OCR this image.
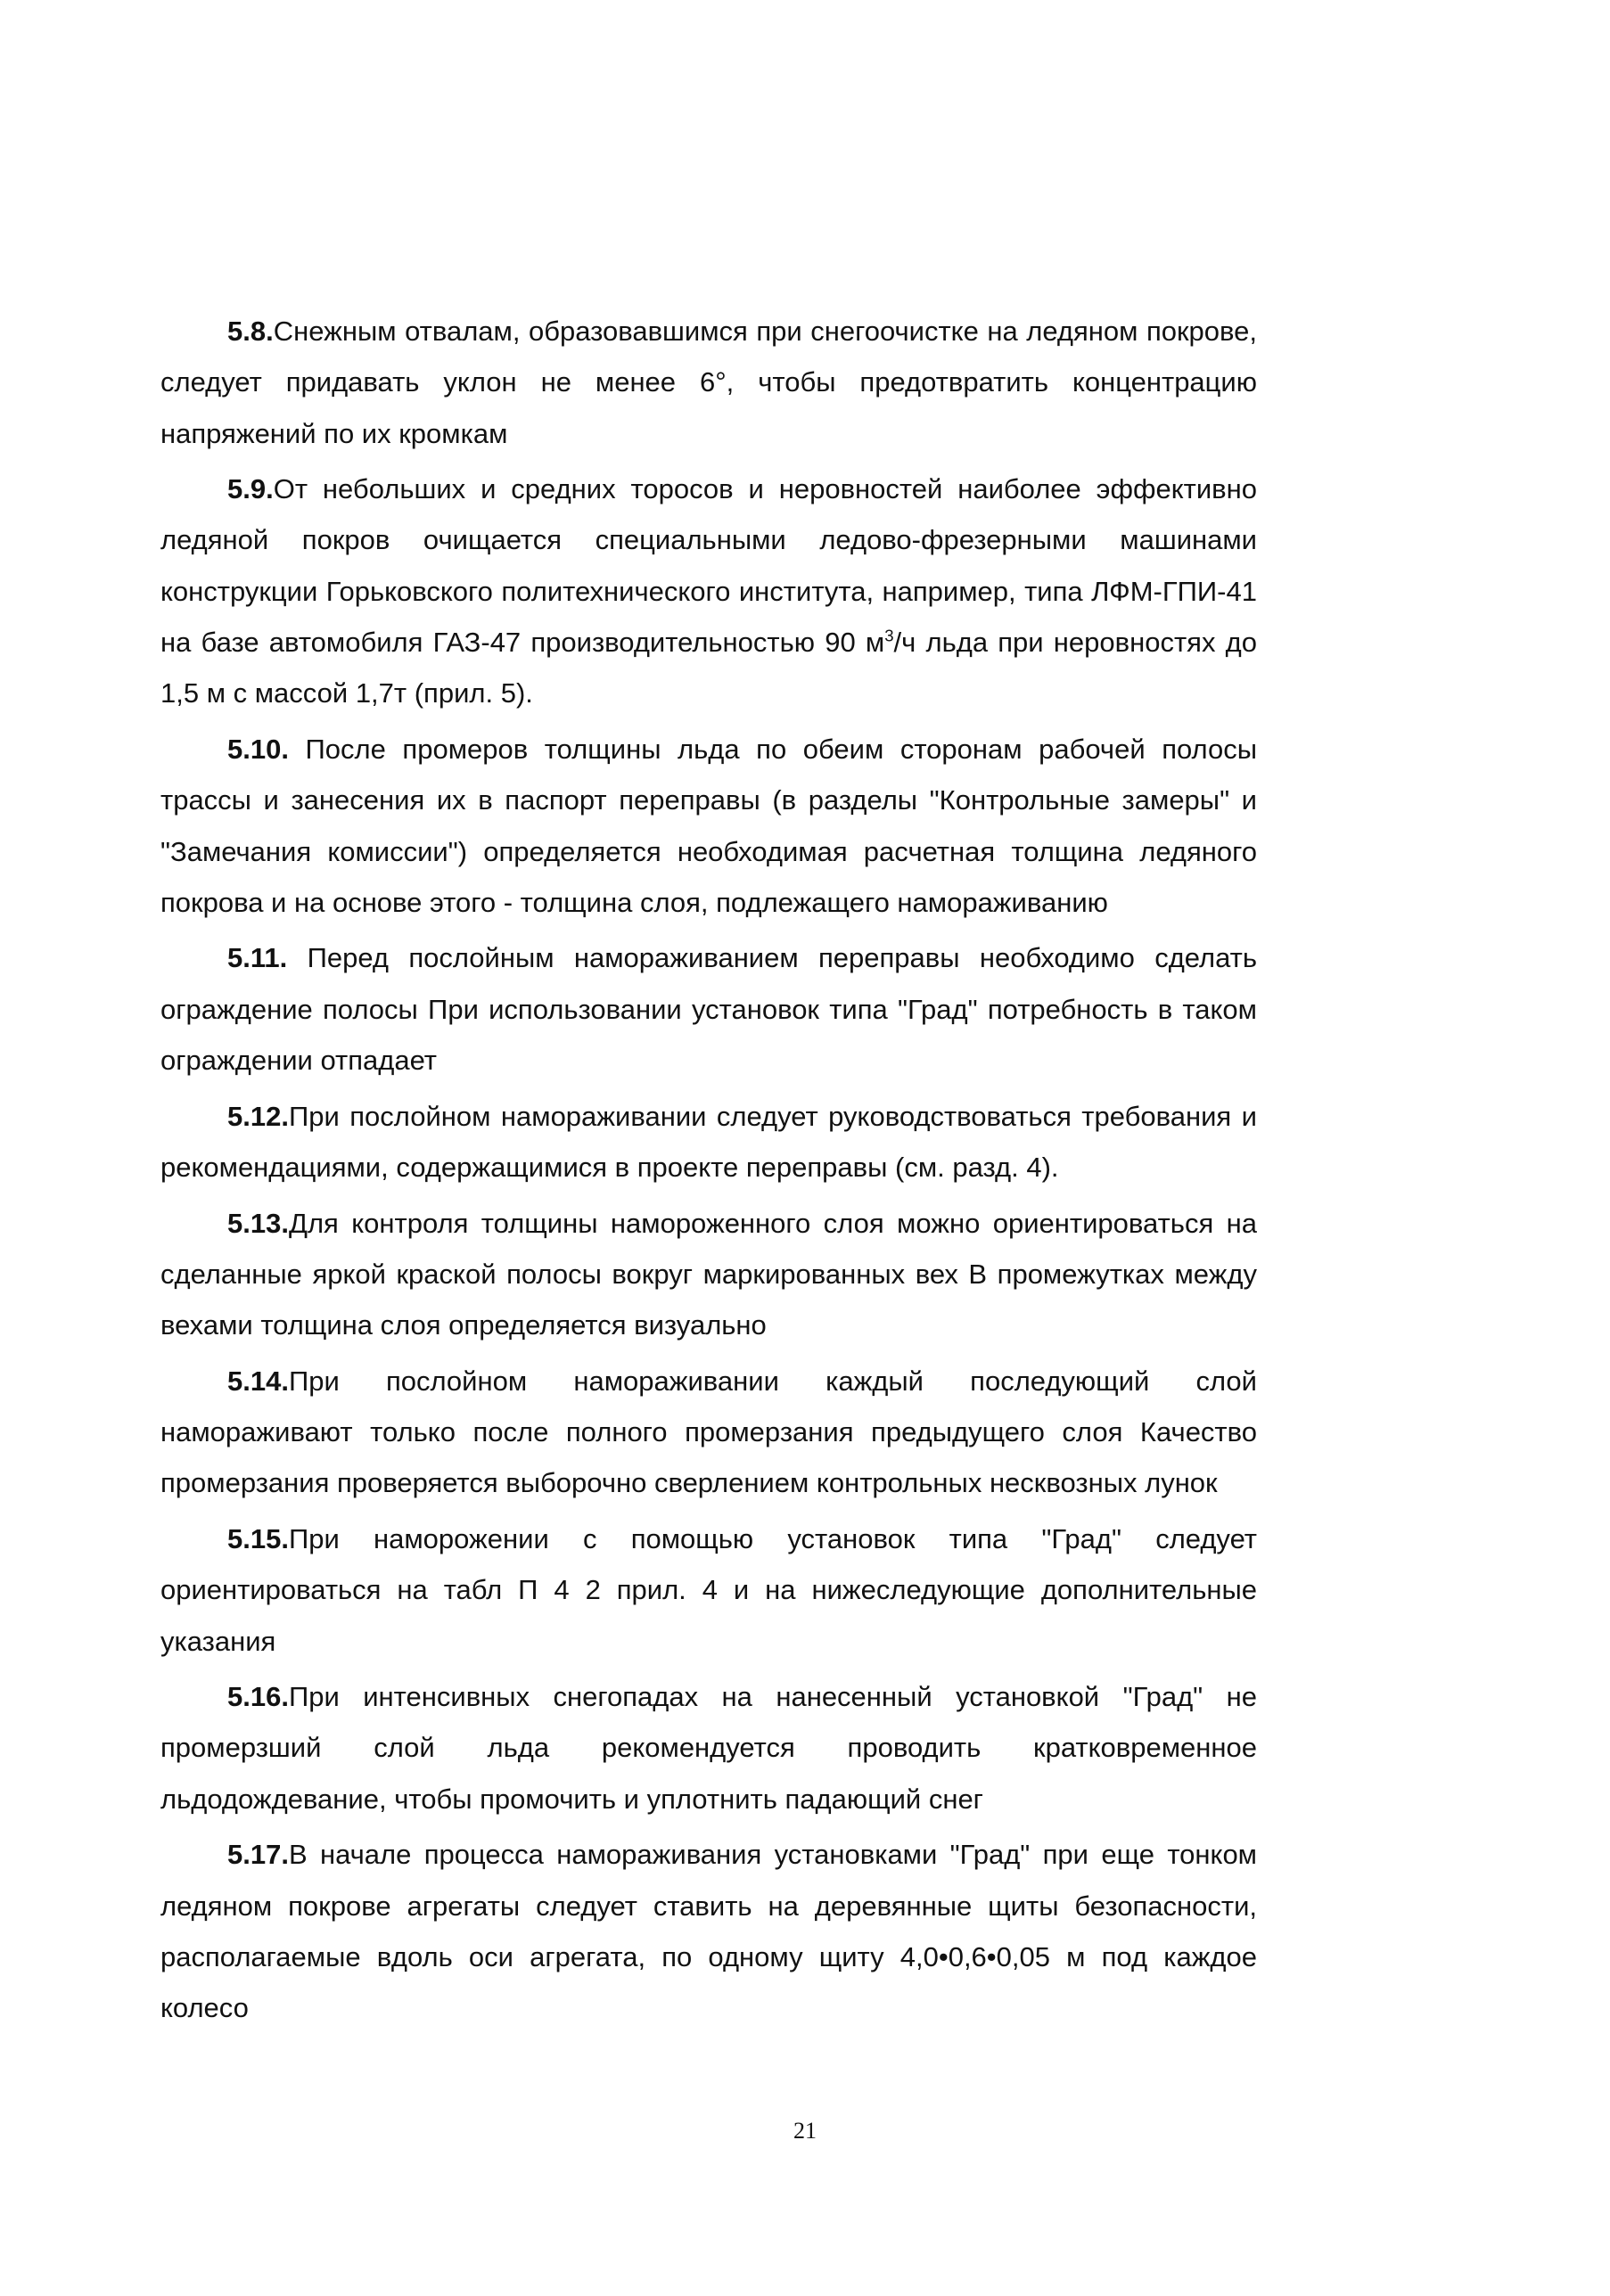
5.8.Снежным отвалам, образовавшимся при снегоочистке на ледяном покрове, следует придавать уклон не менее 6°, чтобы предотвратить концентрацию напряжений по их кромкам

5.9.От небольших и средних торосов и неровностей наиболее эффективно ледяной покров очищается специальными ледово-фрезерными машинами конструкции Горьковского политехнического института, например, типа ЛФМ-ГПИ-41 на базе автомобиля ГАЗ-47 производительностью 90 $м^3/ч$ льда при неровностях до 1,5 м с массой 1,7т (прил. 5).

5.10. После промеров толщины льда по обеим сторонам рабочей полосы трассы и занесения их в паспорт переправы (в разделы "Контрольные замеры" и "Замечания комиссии") определяется необходимая расчетная толщина ледяного покрова и на основе этого - толщина слоя, подлежащего намораживанию

5.11. Перед послойным намораживанием переправы необходимо сделать ограждение полосы При использовании установок типа "Град" потребность в таком ограждении отпадает

5.12.При послойном намораживании следует руководствоваться требования и рекомендациями, содержащимися в проекте переправы (см. разд. 4).

5.13.Для контроля толщины намороженного слоя можно ориентироваться на сделанные яркой краской полосы вокруг маркированных вех В промежутках между вехами толщина слоя определяется визуально

5.14.При послойном намораживании каждый последующий слой намораживают только после полного промерзания предыдущего слоя Качество промерзания проверяется выборочно сверлением контрольных несквозных лунок

5.15.При наморожении с помощью установок типа "Град" следует ориентироваться на табл П 4 2 прил. 4 и на нижеследующие дополнительные указания

5.16.При интенсивных снегопадах на нанесенный установкой "Град" не промерзший слой льда рекомендуется проводить кратковременное льдодождевание, чтобы промочить и уплотнить падающий снег

5.17.В начале процесса намораживания установками "Град" при еще тонком ледяном покрове агрегаты следует ставить на деревянные щиты безопасности, располагаемые вдоль оси агрегата, по одному щиту 4,0•0,6•0,05 м под каждое колесо

21
